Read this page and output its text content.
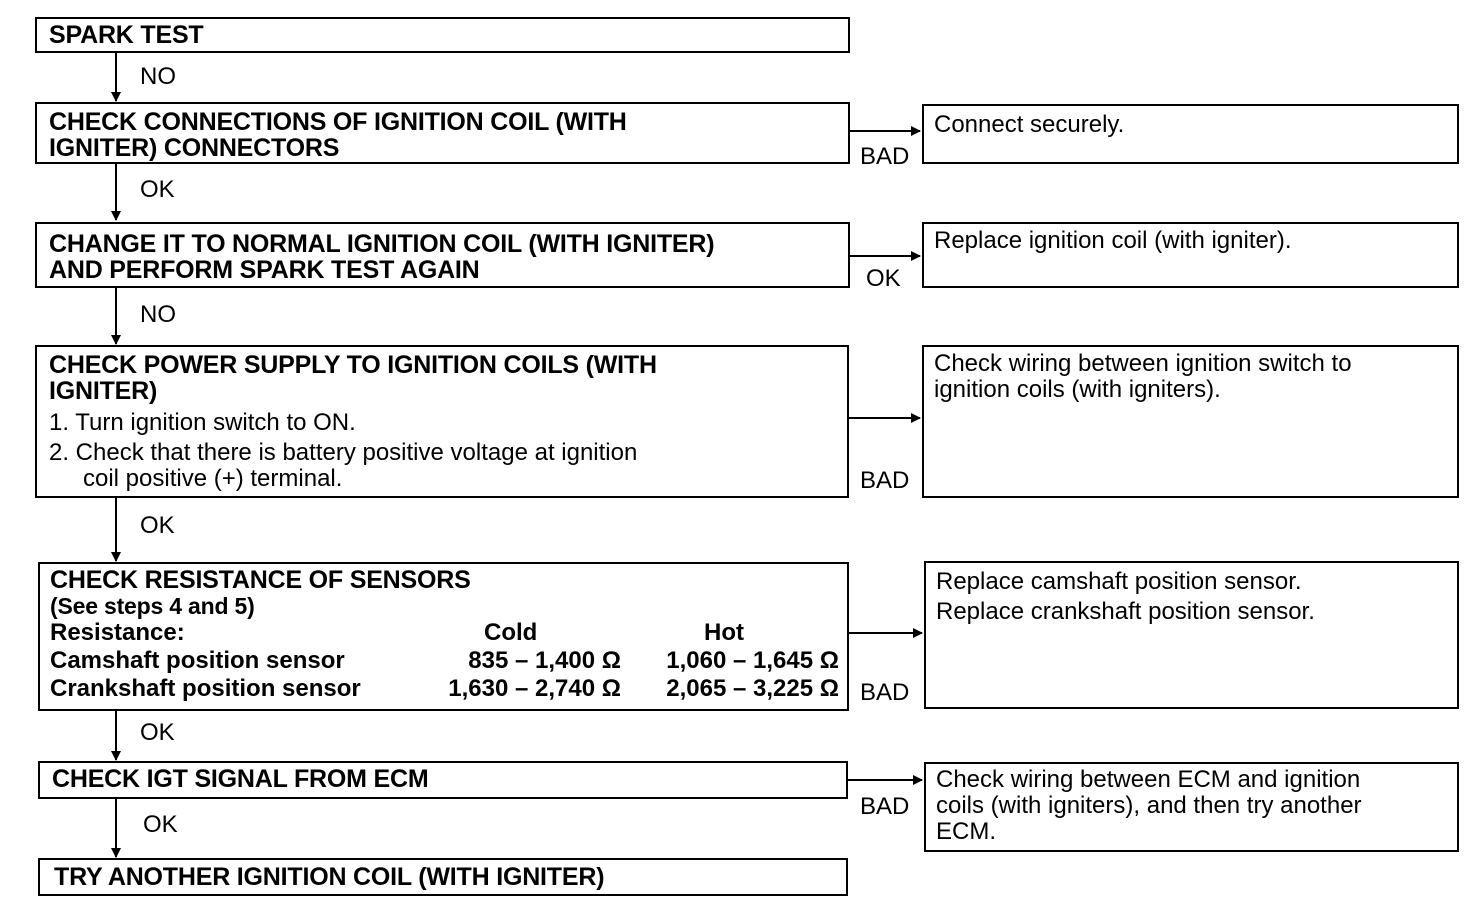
SPARK TEST
CHECK CONNECTIONS OF IGNITION COIL (WITH
IGNITER) CONNECTORS
CHANGE IT TO NORMAL IGNITION COIL (WITH IGNITER)
AND PERFORM SPARK TEST AGAIN
CHECK POWER SUPPLY TO IGNITION COILS (WITH
IGNITER)
1. Turn ignition switch to ON.
2. Check that there is battery positive voltage at ignition
coil positive (+) terminal.
CHECK RESISTANCE OF SENSORS
(See steps 4 and 5)
Resistance:	Cold	Hot
Camshaft position sensor	835 – 1,400 Ω 1,060 – 1,645 Ω
Crankshaft position sensor	1,630 – 2,740 Ω 2,065 – 3,225 Ω
CHECK IGT SIGNAL FROM ECM
TRY ANOTHER IGNITION COIL (WITH IGNITER)
Connect securely.
Replace ignition coil (with igniter).
Check wiring between ignition switch to
ignition coils (with igniters).
Replace camshaft position sensor.
Replace crankshaft position sensor.
Check wiring between ECM and ignition
coils (with igniters), and then try another
ECM.
NO
OK
NO
OK
OK
OK
BAD
OK
BAD
BAD
BAD
